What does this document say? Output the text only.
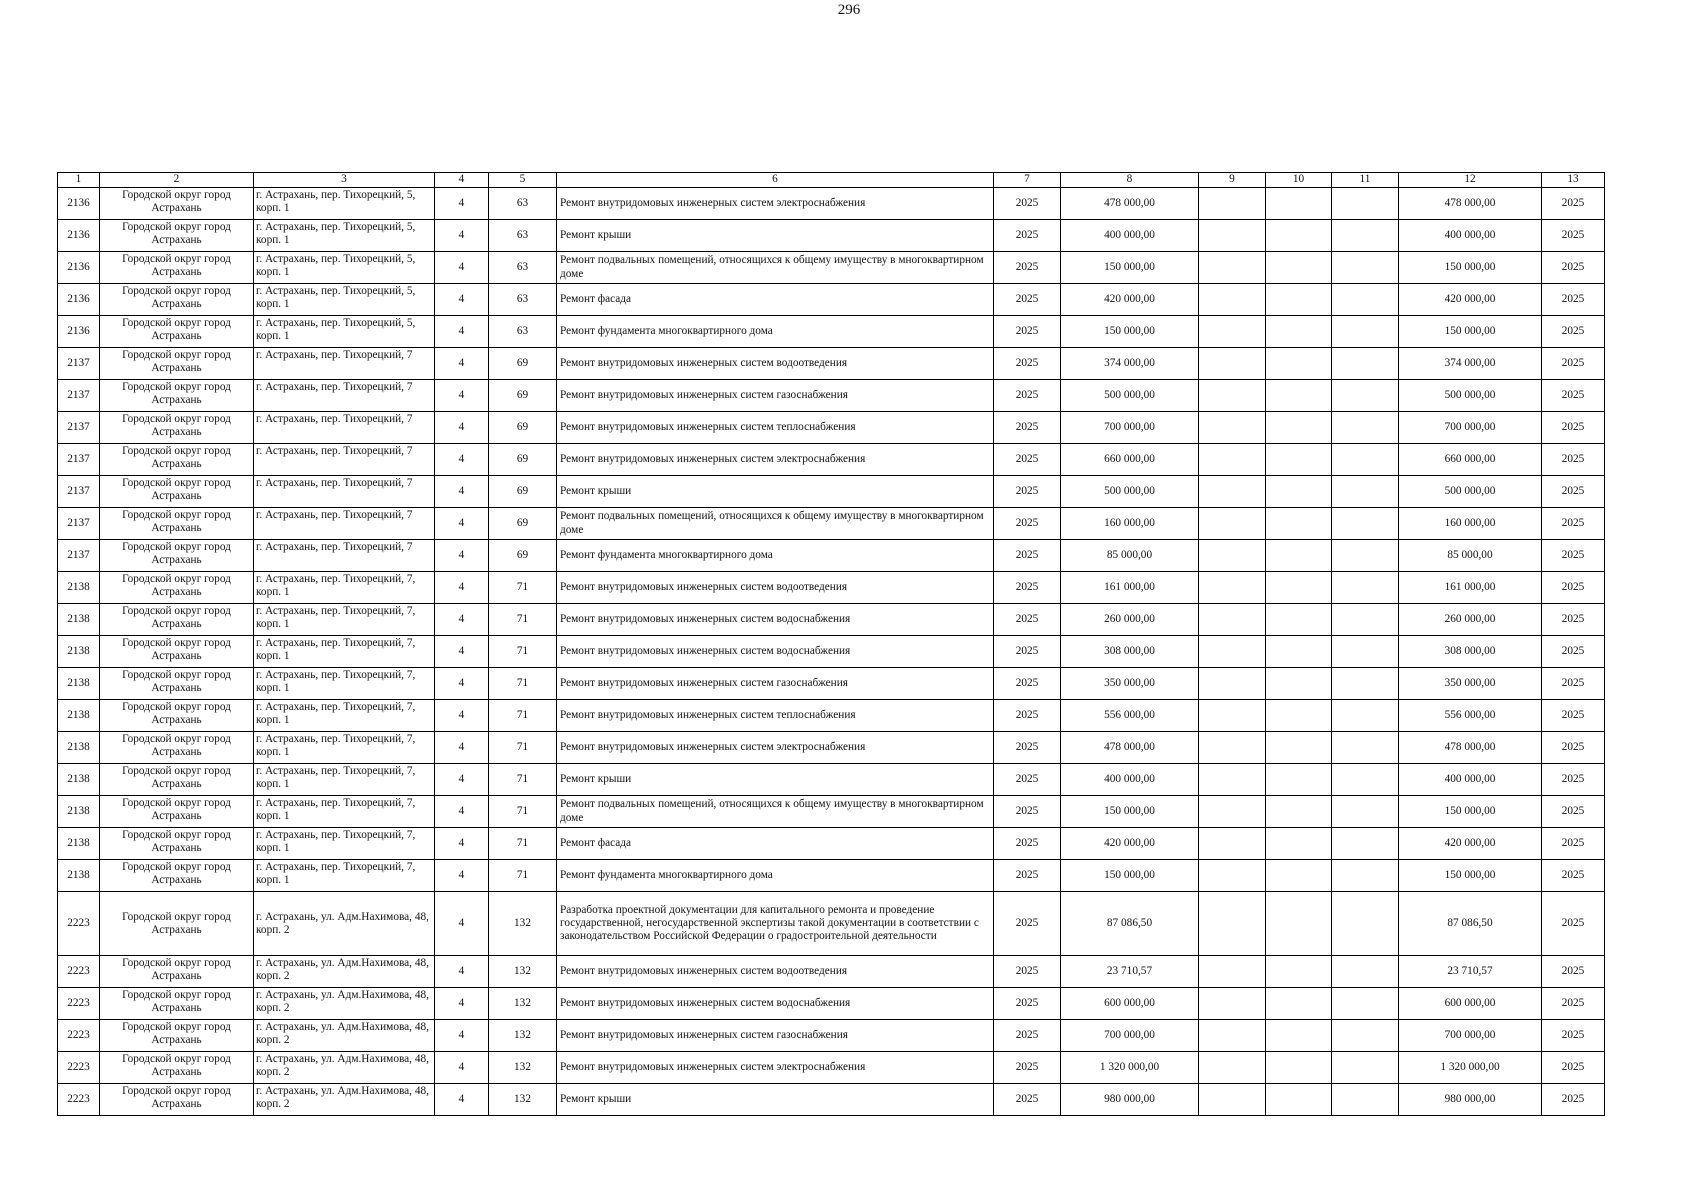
296
1	2	3	4	5	6	7	8	9	10	11	12	13
2136	Городской округ город Астрахань	г. Астрахань, пер. Тихорецкий, 5, корп. 1	4	63	Ремонт внутридомовых инженерных систем электроснабжения	2025	478 000,00				478 000,00	2025
2136	Городской округ город Астрахань	г. Астрахань, пер. Тихорецкий, 5, корп. 1	4	63	Ремонт крыши	2025	400 000,00				400 000,00	2025
2136	Городской округ город Астрахань	г. Астрахань, пер. Тихорецкий, 5, корп. 1	4	63	Ремонт подвальных помещений, относящихся к общему имуществу в многоквартирном доме	2025	150 000,00				150 000,00	2025
2136	Городской округ город Астрахань	г. Астрахань, пер. Тихорецкий, 5, корп. 1	4	63	Ремонт фасада	2025	420 000,00				420 000,00	2025
2136	Городской округ город Астрахань	г. Астрахань, пер. Тихорецкий, 5, корп. 1	4	63	Ремонт фундамента многоквартирного дома	2025	150 000,00				150 000,00	2025
2137	Городской округ город Астрахань	г. Астрахань, пер. Тихорецкий, 7	4	69	Ремонт внутридомовых инженерных систем водоотведения	2025	374 000,00				374 000,00	2025
2137	Городской округ город Астрахань	г. Астрахань, пер. Тихорецкий, 7	4	69	Ремонт внутридомовых инженерных систем газоснабжения	2025	500 000,00				500 000,00	2025
2137	Городской округ город Астрахань	г. Астрахань, пер. Тихорецкий, 7	4	69	Ремонт внутридомовых инженерных систем теплоснабжения	2025	700 000,00				700 000,00	2025
2137	Городской округ город Астрахань	г. Астрахань, пер. Тихорецкий, 7	4	69	Ремонт внутридомовых инженерных систем электроснабжения	2025	660 000,00				660 000,00	2025
2137	Городской округ город Астрахань	г. Астрахань, пер. Тихорецкий, 7	4	69	Ремонт крыши	2025	500 000,00				500 000,00	2025
2137	Городской округ город Астрахань	г. Астрахань, пер. Тихорецкий, 7	4	69	Ремонт подвальных помещений, относящихся к общему имуществу в многоквартирном доме	2025	160 000,00				160 000,00	2025
2137	Городской округ город Астрахань	г. Астрахань, пер. Тихорецкий, 7	4	69	Ремонт фундамента многоквартирного дома	2025	85 000,00				85 000,00	2025
2138	Городской округ город Астрахань	г. Астрахань, пер. Тихорецкий, 7, корп. 1	4	71	Ремонт внутридомовых инженерных систем водоотведения	2025	161 000,00				161 000,00	2025
2138	Городской округ город Астрахань	г. Астрахань, пер. Тихорецкий, 7, корп. 1	4	71	Ремонт внутридомовых инженерных систем водоснабжения	2025	260 000,00				260 000,00	2025
2138	Городской округ город Астрахань	г. Астрахань, пер. Тихорецкий, 7, корп. 1	4	71	Ремонт внутридомовых инженерных систем водоснабжения	2025	308 000,00				308 000,00	2025
2138	Городской округ город Астрахань	г. Астрахань, пер. Тихорецкий, 7, корп. 1	4	71	Ремонт внутридомовых инженерных систем газоснабжения	2025	350 000,00				350 000,00	2025
2138	Городской округ город Астрахань	г. Астрахань, пер. Тихорецкий, 7, корп. 1	4	71	Ремонт внутридомовых инженерных систем теплоснабжения	2025	556 000,00				556 000,00	2025
2138	Городской округ город Астрахань	г. Астрахань, пер. Тихорецкий, 7, корп. 1	4	71	Ремонт внутридомовых инженерных систем электроснабжения	2025	478 000,00				478 000,00	2025
2138	Городской округ город Астрахань	г. Астрахань, пер. Тихорецкий, 7, корп. 1	4	71	Ремонт крыши	2025	400 000,00				400 000,00	2025
2138	Городской округ город Астрахань	г. Астрахань, пер. Тихорецкий, 7, корп. 1	4	71	Ремонт подвальных помещений, относящихся к общему имуществу в многоквартирном доме	2025	150 000,00				150 000,00	2025
2138	Городской округ город Астрахань	г. Астрахань, пер. Тихорецкий, 7, корп. 1	4	71	Ремонт фасада	2025	420 000,00				420 000,00	2025
2138	Городской округ город Астрахань	г. Астрахань, пер. Тихорецкий, 7, корп. 1	4	71	Ремонт фундамента многоквартирного дома	2025	150 000,00				150 000,00	2025
2223	Городской округ город Астрахань	г. Астрахань, ул. Адм.Нахимова, 48, корп. 2	4	132	Разработка проектной документации для капитального ремонта и проведение государственной, негосударственной экспертизы такой документации в соответствии с законодательством Российской Федерации о градостроительной деятельности	2025	87 086,50				87 086,50	2025
2223	Городской округ город Астрахань	г. Астрахань, ул. Адм.Нахимова, 48, корп. 2	4	132	Ремонт внутридомовых инженерных систем водоотведения	2025	23 710,57				23 710,57	2025
2223	Городской округ город Астрахань	г. Астрахань, ул. Адм.Нахимова, 48, корп. 2	4	132	Ремонт внутридомовых инженерных систем водоснабжения	2025	600 000,00				600 000,00	2025
2223	Городской округ город Астрахань	г. Астрахань, ул. Адм.Нахимова, 48, корп. 2	4	132	Ремонт внутридомовых инженерных систем газоснабжения	2025	700 000,00				700 000,00	2025
2223	Городской округ город Астрахань	г. Астрахань, ул. Адм.Нахимова, 48, корп. 2	4	132	Ремонт внутридомовых инженерных систем электроснабжения	2025	1 320 000,00				1 320 000,00	2025
2223	Городской округ город Астрахань	г. Астрахань, ул. Адм.Нахимова, 48, корп. 2	4	132	Ремонт крыши	2025	980 000,00				980 000,00	2025
